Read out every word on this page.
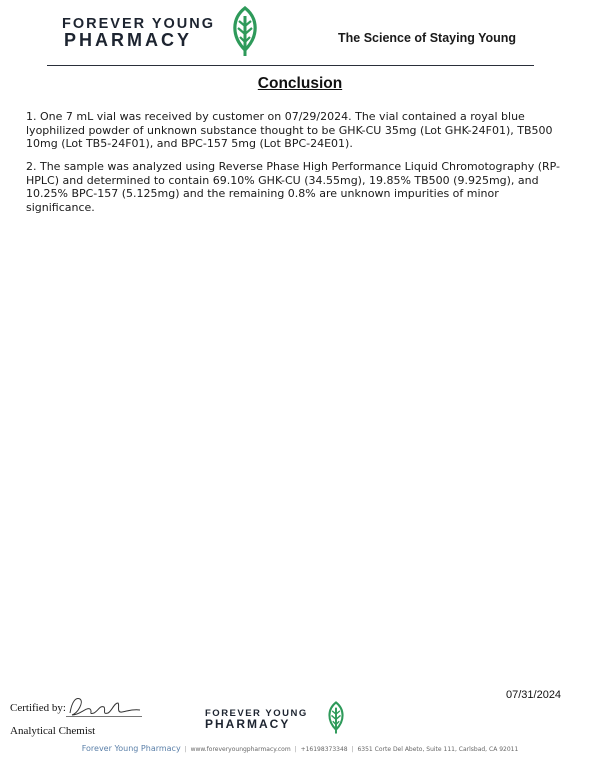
FOREVER YOUNG
PHARMACY	The Science of Staying Young
Conclusion
1. One 7 mL vial was received by customer on 07/29/2024. The vial contained a royal blue lyophilized powder of unknown substance thought to be GHK-CU 35mg (Lot GHK-24F01), TB500 10mg (Lot TB5-24F01), and BPC-157 5mg (Lot BPC-24E01).
2. The sample was analyzed using Reverse Phase High Performance Liquid Chromotography (RP-HPLC) and determined to contain 69.10% GHK-CU (34.55mg), 19.85% TB500 (9.925mg), and 10.25% BPC-157 (5.125mg) and the remaining 0.8% are unknown impurities of minor significance.
07/31/2024
Certified by:
Analytical Chemist
FOREVER YOUNG
PHARMACY
Forever Young Pharmacy | www.foreveryoungpharmacy.com | +16198373348 | 6351 Corte Del Abeto, Suite 111, Carlsbad, CA 92011
